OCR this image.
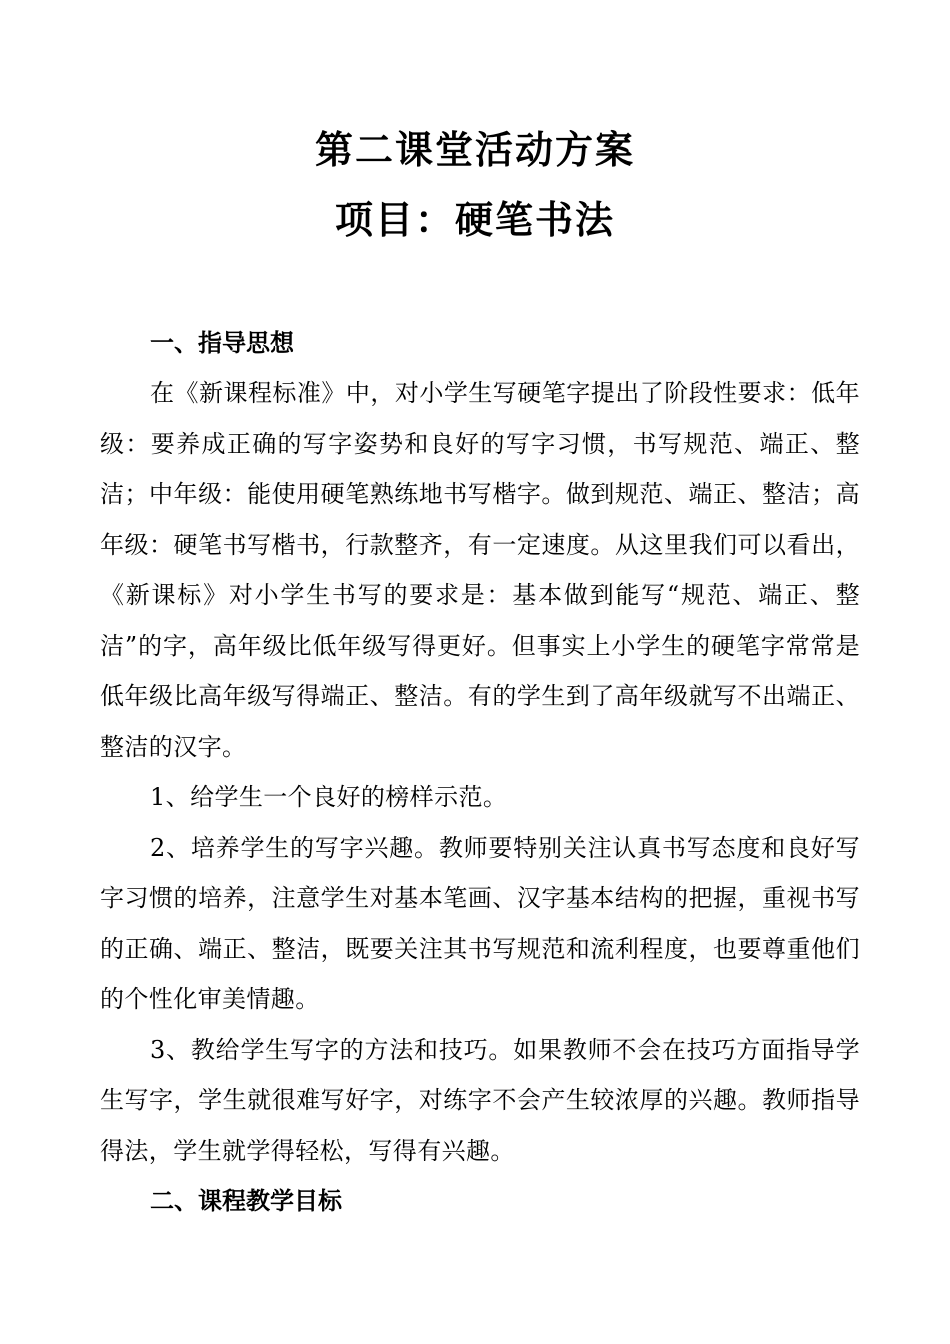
第二课堂活动方案
项目：硬笔书法
一、指导思想

在《新课程标准》中，对小学生写硬笔字提出了阶段性要求：低年级：要养成正确的写字姿势和良好的写字习惯，书写规范、端正、整洁；中年级：能使用硬笔熟练地书写楷字。做到规范、端正、整洁；高年级：硬笔书写楷书，行款整齐，有一定速度。从这里我们可以看出，《新课标》对小学生书写的要求是：基本做到能写“规范、端正、整洁”的字，高年级比低年级写得更好。但事实上小学生的硬笔字常常是低年级比高年级写得端正、整洁。有的学生到了高年级就写不出端正、整洁的汉字。

1、给学生一个良好的榜样示范。

2、培养学生的写字兴趣。教师要特别关注认真书写态度和良好写字习惯的培养，注意学生对基本笔画、汉字基本结构的把握，重视书写的正确、端正、整洁，既要关注其书写规范和流利程度，也要尊重他们的个性化审美情趣。

3、教给学生写字的方法和技巧。如果教师不会在技巧方面指导学生写字，学生就很难写好字，对练字不会产生较浓厚的兴趣。教师指导得法，学生就学得轻松，写得有兴趣。

二、课程教学目标
